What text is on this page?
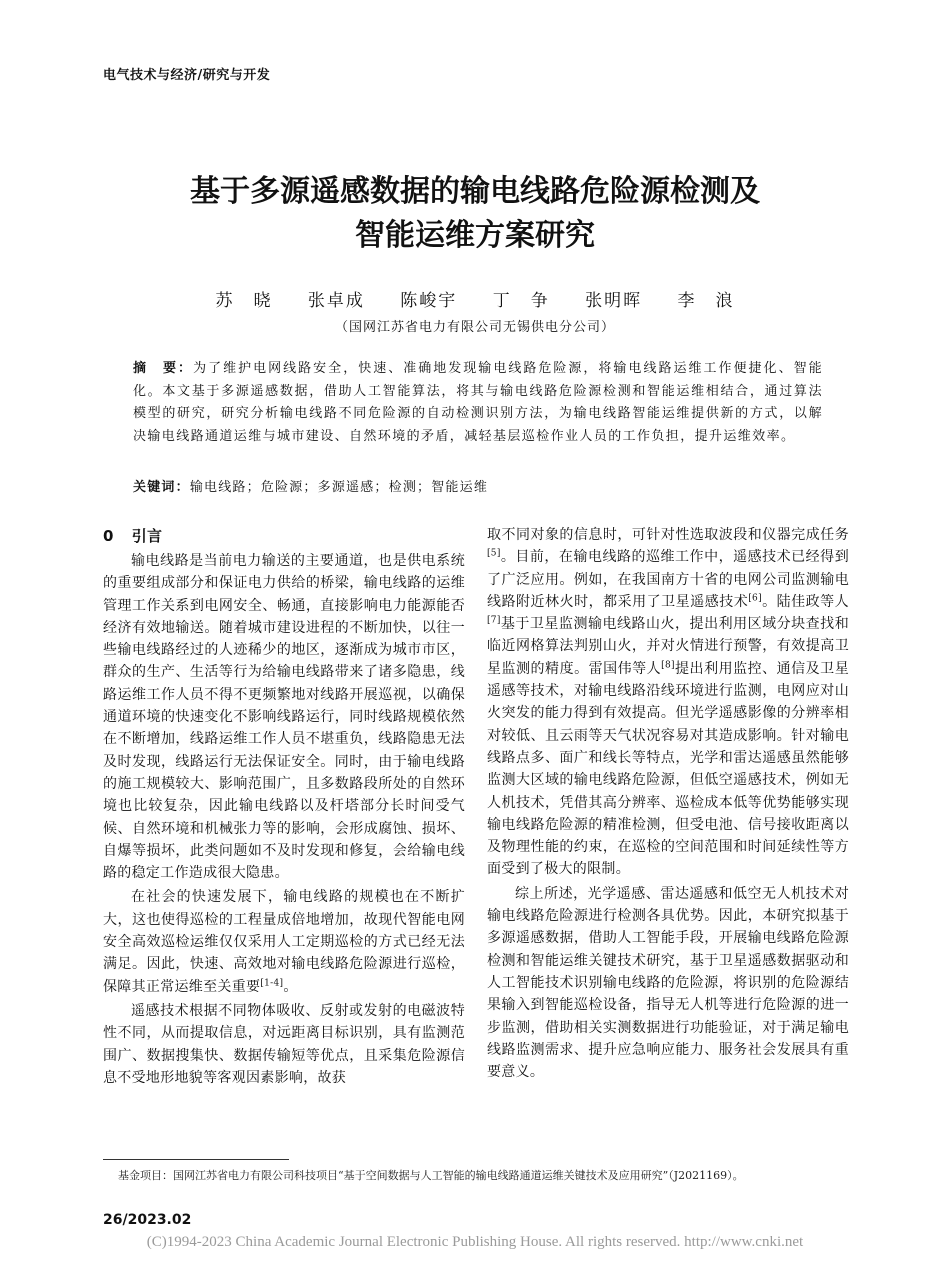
电气技术与经济/研究与开发
基于多源遥感数据的输电线路危险源检测及
智能运维方案研究
苏　晓 张卓成 陈峻宇 丁　争 张明晖 李　浪
（国网江苏省电力有限公司无锡供电分公司）
摘　要：为了维护电网线路安全，快速、准确地发现输电线路危险源，将输电线路运维工作便捷化、智能化。本文基于多源遥感数据，借助人工智能算法，将其与输电线路危险源检测和智能运维相结合，通过算法模型的研究，研究分析输电线路不同危险源的自动检测识别方法，为输电线路智能运维提供新的方式，以解决输电线路通道运维与城市建设、自然环境的矛盾，减轻基层巡检作业人员的工作负担，提升运维效率。
关键词：输电线路；危险源；多源遥感；检测；智能运维
0 引言

输电线路是当前电力输送的主要通道，也是供电系统的重要组成部分和保证电力供给的桥梁，输电线路的运维管理工作关系到电网安全、畅通，直接影响电力能源能否经济有效地输送。随着城市建设进程的不断加快，以往一些输电线路经过的人迹稀少的地区，逐渐成为城市市区，群众的生产、生活等行为给输电线路带来了诸多隐患，线路运维工作人员不得不更频繁地对线路开展巡视，以确保通道环境的快速变化不影响线路运行，同时线路规模依然在不断增加，线路运维工作人员不堪重负，线路隐患无法及时发现，线路运行无法保证安全。同时，由于输电线路的施工规模较大、影响范围广，且多数路段所处的自然环境也比较复杂，因此输电线路以及杆塔部分长时间受气候、自然环境和机械张力等的影响，会形成腐蚀、损坏、自爆等损坏，此类问题如不及时发现和修复，会给输电线路的稳定工作造成很大隐患。

在社会的快速发展下，输电线路的规模也在不断扩大，这也使得巡检的工程量成倍地增加，故现代智能电网安全高效巡检运维仅仅采用人工定期巡检的方式已经无法满足。因此，快速、高效地对输电线路危险源进行巡检，保障其正常运维至关重要[1-4]。

遥感技术根据不同物体吸收、反射或发射的电磁波特性不同，从而提取信息，对远距离目标识别，具有监测范围广、数据搜集快、数据传输短等优点，且采集危险源信息不受地形地貌等客观因素影响，故获

取不同对象的信息时，可针对性选取波段和仪器完成任务[5]。目前，在输电线路的巡维工作中，遥感技术已经得到了广泛应用。例如，在我国南方十省的电网公司监测输电线路附近林火时，都采用了卫星遥感技术[6]。陆佳政等人[7]基于卫星监测输电线路山火，提出利用区域分块查找和临近网格算法判别山火，并对火情进行预警，有效提高卫星监测的精度。雷国伟等人[8]提出利用监控、通信及卫星遥感等技术，对输电线路沿线环境进行监测，电网应对山火突发的能力得到有效提高。但光学遥感影像的分辨率相对较低、且云雨等天气状况容易对其造成影响。针对输电线路点多、面广和线长等特点，光学和雷达遥感虽然能够监测大区域的输电线路危险源，但低空遥感技术，例如无人机技术，凭借其高分辨率、巡检成本低等优势能够实现输电线路危险源的精准检测，但受电池、信号接收距离以及物理性能的约束，在巡检的空间范围和时间延续性等方面受到了极大的限制。

综上所述，光学遥感、雷达遥感和低空无人机技术对输电线路危险源进行检测各具优势。因此，本研究拟基于多源遥感数据，借助人工智能手段，开展输电线路危险源检测和智能运维关键技术研究，基于卫星遥感数据驱动和人工智能技术识别输电线路的危险源，将识别的危险源结果输入到智能巡检设备，指导无人机等进行危险源的进一步监测，借助相关实测数据进行功能验证，对于满足输电线路监测需求、提升应急响应能力、服务社会发展具有重要意义。

基金项目：国网江苏省电力有限公司科技项目“基于空间数据与人工智能的输电线路通道运维关键技术及应用研究”（J2021169）。
26/2023.02
(C)1994-2023 China Academic Journal Electronic Publishing House. All rights reserved. http://www.cnki.net
